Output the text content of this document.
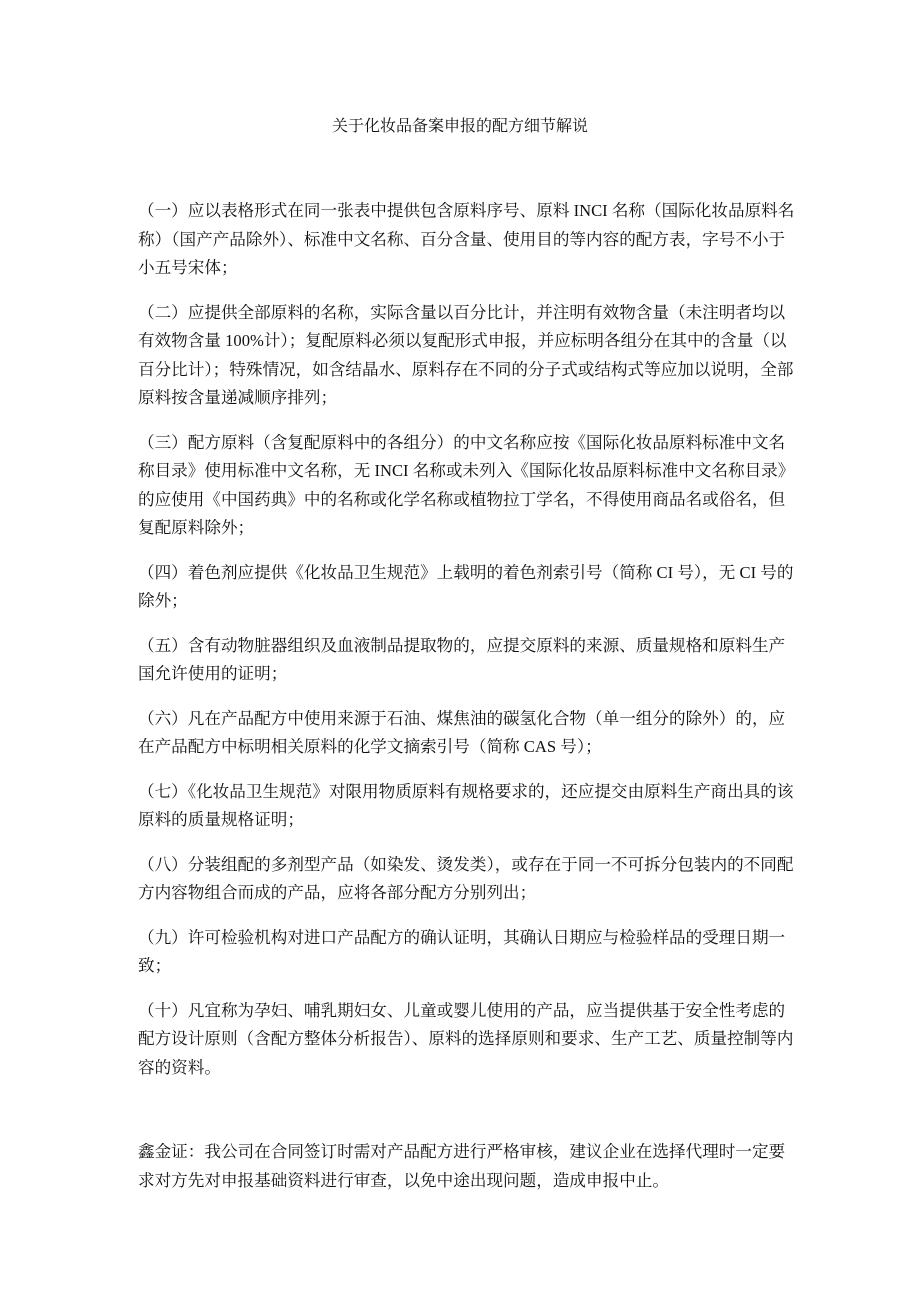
关于化妆品备案申报的配方细节解说
（一）应以表格形式在同一张表中提供包含原料序号、原料 INCI 名称（国际化妆品原料名
称）（国产产品除外）、标准中文名称、百分含量、使用目的等内容的配方表，字号不小于
小五号宋体；
（二）应提供全部原料的名称，实际含量以百分比计，并注明有效物含量（未注明者均以
有效物含量 100%计）；复配原料必须以复配形式申报，并应标明各组分在其中的含量（以
百分比计）；特殊情况，如含结晶水、原料存在不同的分子式或结构式等应加以说明，全部
原料按含量递减顺序排列；
（三）配方原料（含复配原料中的各组分）的中文名称应按《国际化妆品原料标准中文名
称目录》使用标准中文名称，无 INCI 名称或未列入《国际化妆品原料标准中文名称目录》
的应使用《中国药典》中的名称或化学名称或植物拉丁学名，不得使用商品名或俗名，但
复配原料除外；
（四）着色剂应提供《化妆品卫生规范》上载明的着色剂索引号（简称 CI 号），无 CI 号的
除外；
（五）含有动物脏器组织及血液制品提取物的，应提交原料的来源、质量规格和原料生产
国允许使用的证明；
（六）凡在产品配方中使用来源于石油、煤焦油的碳氢化合物（单一组分的除外）的，应
在产品配方中标明相关原料的化学文摘索引号（简称 CAS 号）；
（七）《化妆品卫生规范》对限用物质原料有规格要求的，还应提交由原料生产商出具的该
原料的质量规格证明；
（八）分装组配的多剂型产品（如染发、烫发类），或存在于同一不可拆分包装内的不同配
方内容物组合而成的产品，应将各部分配方分别列出；
（九）许可检验机构对进口产品配方的确认证明，其确认日期应与检验样品的受理日期一
致；
（十）凡宜称为孕妇、哺乳期妇女、儿童或婴儿使用的产品，应当提供基于安全性考虑的
配方设计原则（含配方整体分析报告）、原料的选择原则和要求、生产工艺、质量控制等内
容的资料。
鑫金证：我公司在合同签订时需对产品配方进行严格审核，建议企业在选择代理时一定要
求对方先对申报基础资料进行审查，以免中途出现问题，造成申报中止。
